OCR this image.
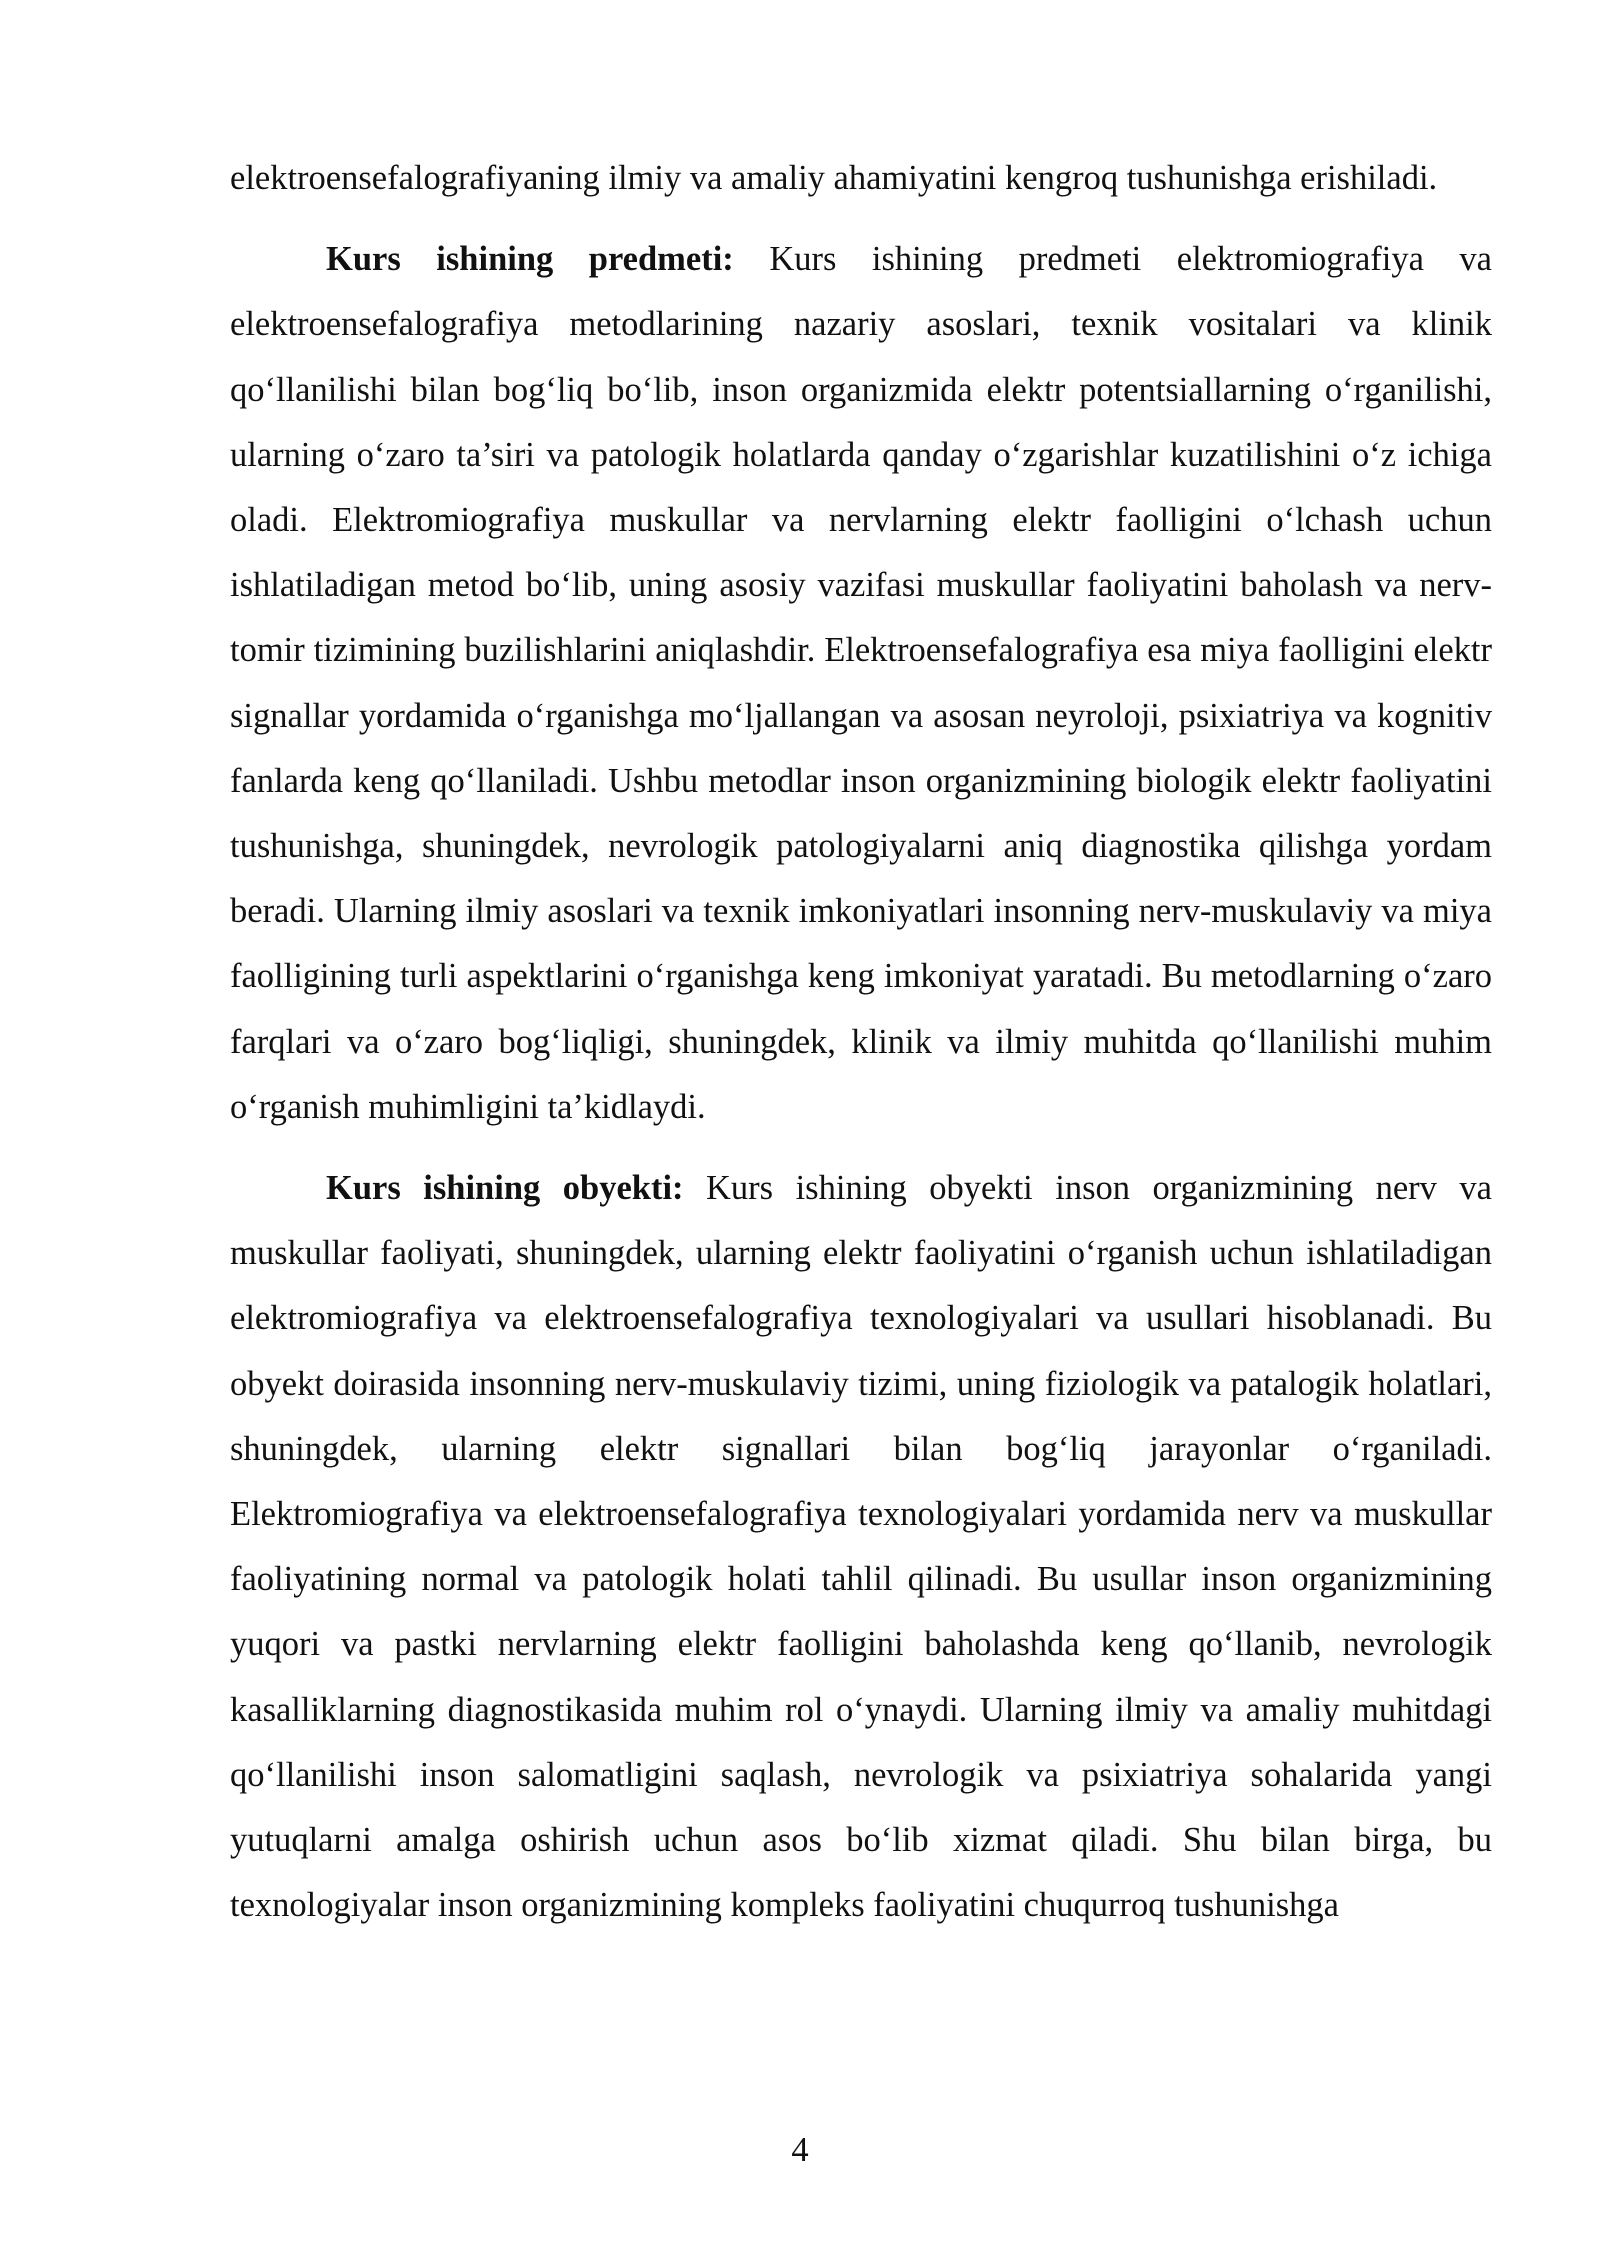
elektroensefalografiyaning ilmiy va amaliy ahamiyatini kengroq tushunishga erishiladi.

Kurs ishining predmeti: Kurs ishining predmeti elektromiografiya va elektroensefalografiya metodlarining nazariy asoslari, texnik vositalari va klinik qo‘llanilishi bilan bog‘liq bo‘lib, inson organizmida elektr potentsiallarning o‘rganilishi, ularning o‘zaro ta’siri va patologik holatlarda qanday o‘zgarishlar kuzatilishini o‘z ichiga oladi. Elektromiografiya muskullar va nervlarning elektr faolligini o‘lchash uchun ishlatiladigan metod bo‘lib, uning asosiy vazifasi muskullar faoliyatini baholash va nerv-tomir tizimining buzilishlarini aniqlashdir. Elektroensefalografiya esa miya faolligini elektr signallar yordamida o‘rganishga mo‘ljallangan va asosan neyroloji, psixiatriya va kognitiv fanlarda keng qo‘llaniladi. Ushbu metodlar inson organizmining biologik elektr faoliyatini tushunishga, shuningdek, nevrologik patologiyalarni aniq diagnostika qilishga yordam beradi. Ularning ilmiy asoslari va texnik imkoniyatlari insonning nerv-muskulaviy va miya faolligining turli aspektlarini o‘rganishga keng imkoniyat yaratadi. Bu metodlarning o‘zaro farqlari va o‘zaro bog‘liqligi, shuningdek, klinik va ilmiy muhitda qo‘llanilishi muhim o‘rganish muhimligini ta’kidlaydi.

Kurs ishining obyekti: Kurs ishining obyekti inson organizmining nerv va muskullar faoliyati, shuningdek, ularning elektr faoliyatini o‘rganish uchun ishlatiladigan elektromiografiya va elektroensefalografiya texnologiyalari va usullari hisoblanadi. Bu obyekt doirasida insonning nerv-muskulaviy tizimi, uning fiziologik va patalogik holatlari, shuningdek, ularning elektr signallari bilan bog‘liq jarayonlar o‘rganiladi. Elektromiografiya va elektroensefalografiya texnologiyalari yordamida nerv va muskullar faoliyatining normal va patologik holati tahlil qilinadi. Bu usullar inson organizmining yuqori va pastki nervlarning elektr faolligini baholashda keng qo‘llanib, nevrologik kasalliklarning diagnostikasida muhim rol o‘ynaydi. Ularning ilmiy va amaliy muhitdagi qo‘llanilishi inson salomatligini saqlash, nevrologik va psixiatriya sohalarida yangi yutuqlarni amalga oshirish uchun asos bo‘lib xizmat qiladi. Shu bilan birga, bu texnologiyalar inson organizmining kompleks faoliyatini chuqurroq tushunishga

4
